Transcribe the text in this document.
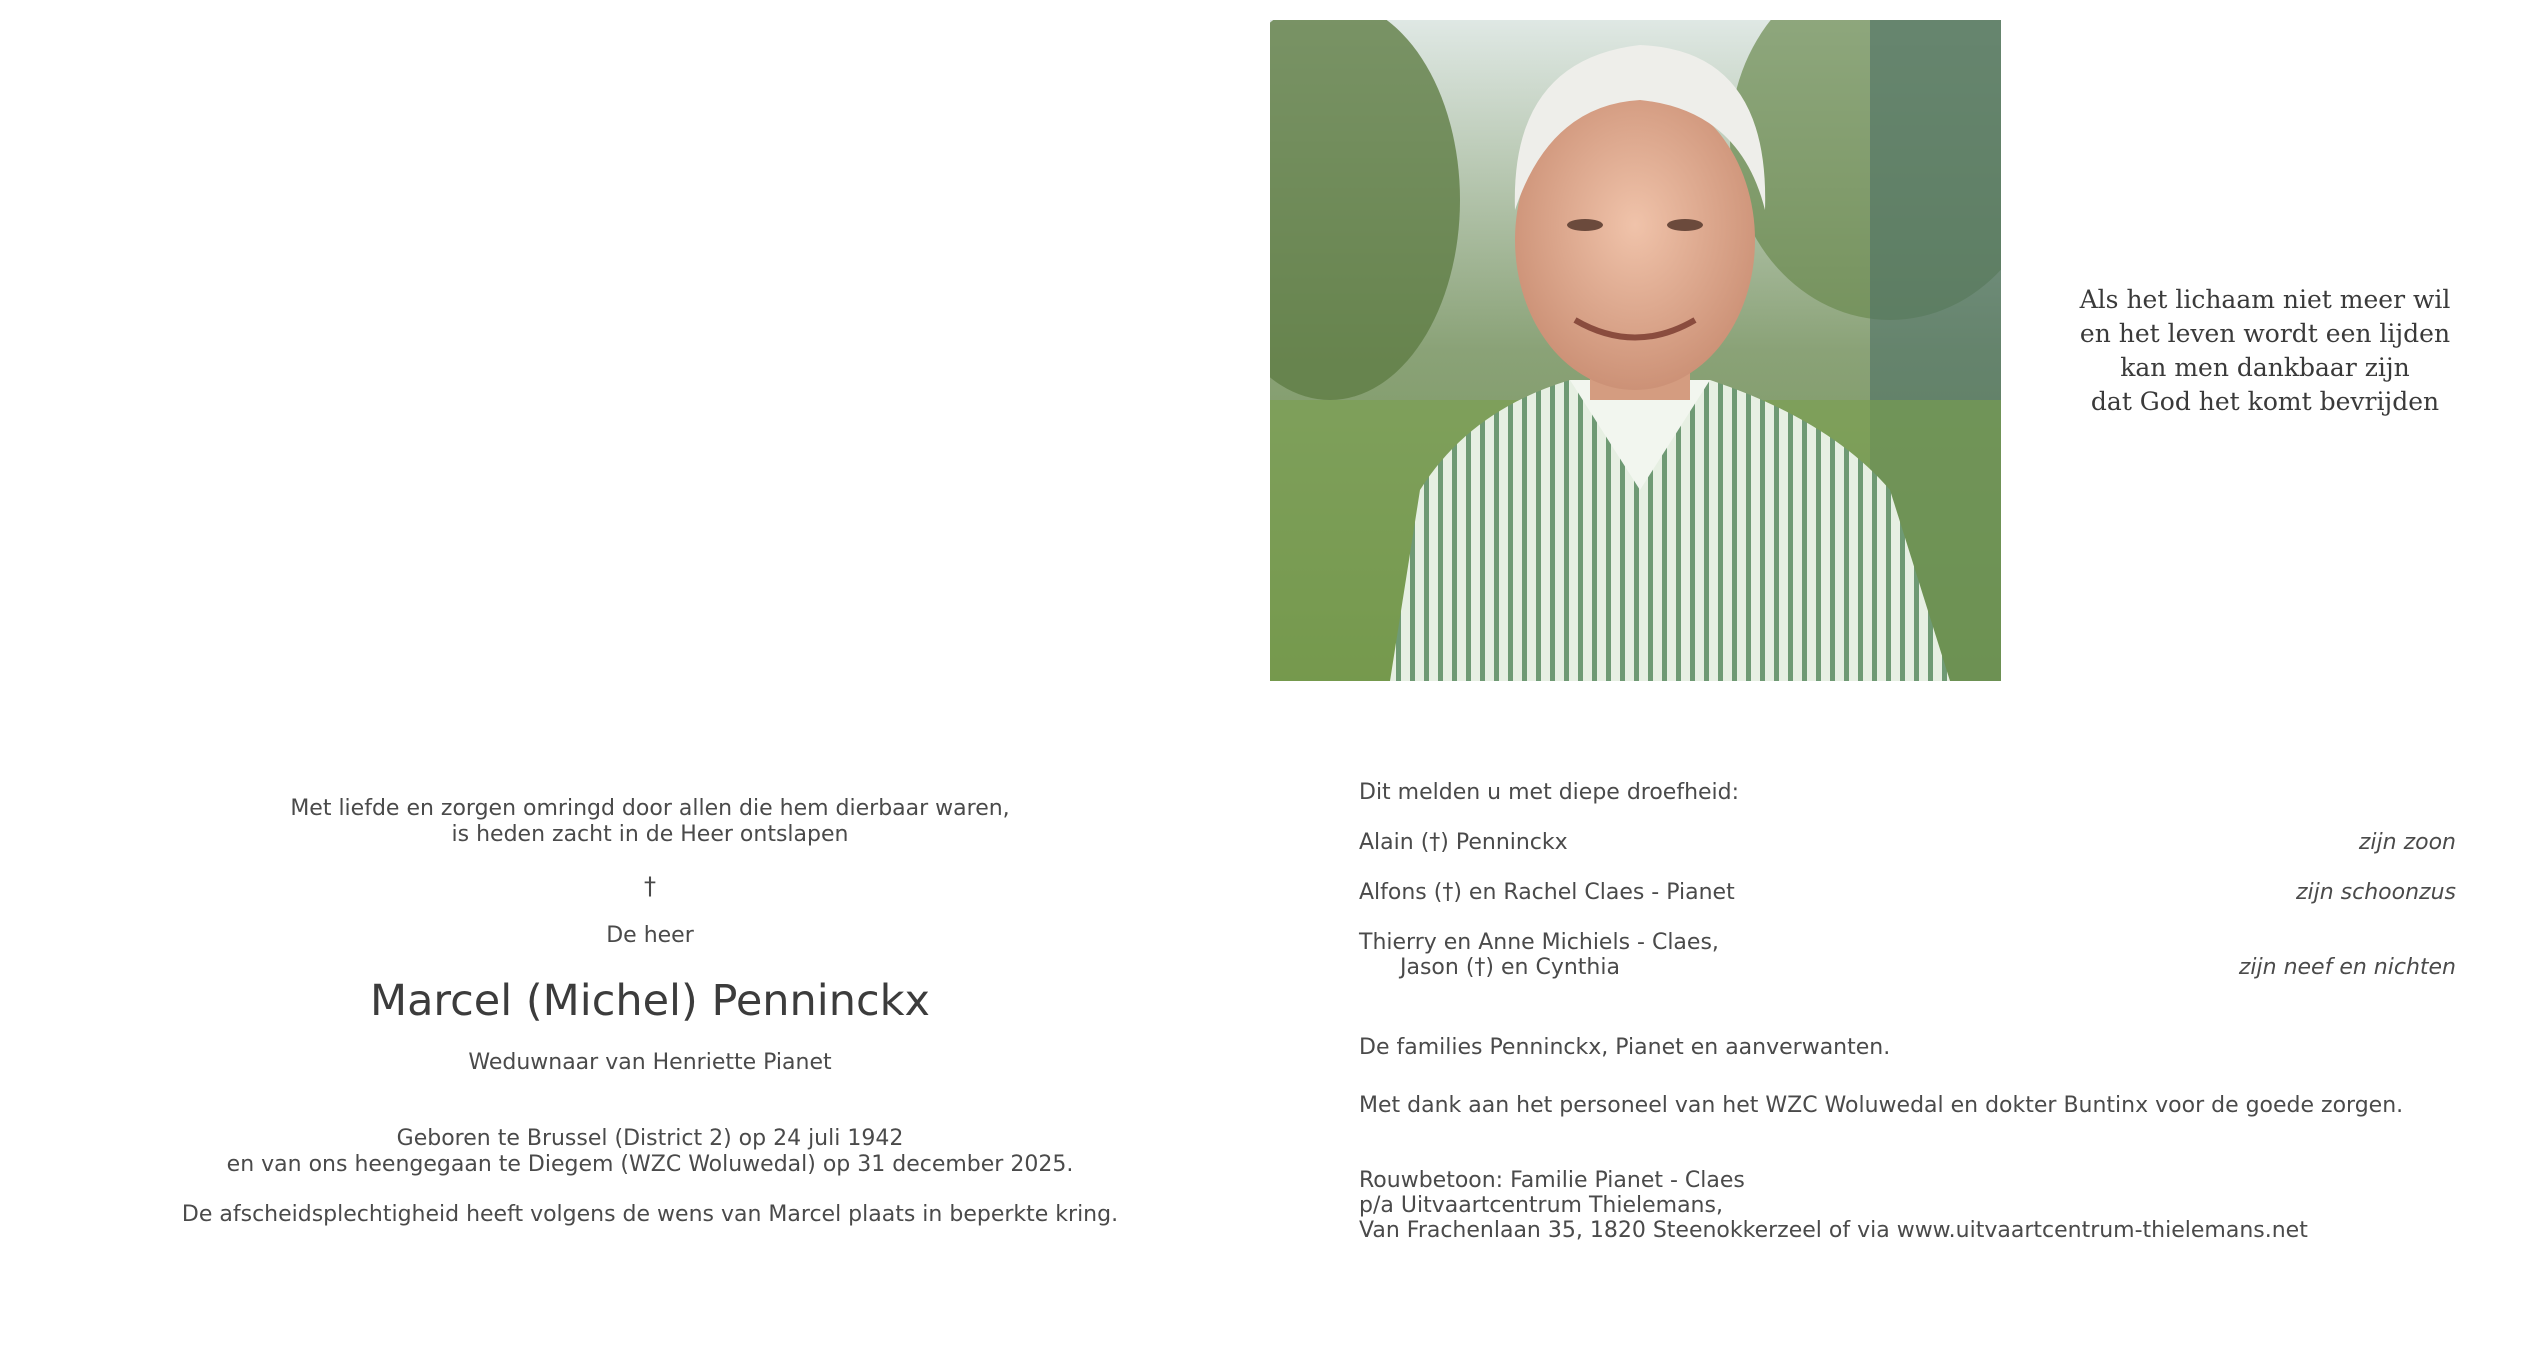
Met liefde en zorgen omringd door allen die hem dierbaar waren,
is heden zacht in de Heer ontslapen
†
De heer
Marcel (Michel) Penninckx
Weduwnaar van Henriette Pianet
Geboren te Brussel (District 2) op 24 juli 1942
en van ons heengegaan te Diegem (WZC Woluwedal) op 31 december 2025.
De afscheidsplechtigheid heeft volgens de wens van Marcel plaats in beperkte kring.
Als het lichaam niet meer wil
en het leven wordt een lijden
kan men dankbaar zijn
dat God het komt bevrijden
Dit melden u met diepe droefheid:
Alain (†) Penninckx	zijn zoon
Alfons (†) en Rachel Claes - Pianet	zijn schoonzus
Thierry en Anne Michiels - Claes,
Jason (†) en Cynthia	zijn neef en nichten
De families Penninckx, Pianet en aanverwanten.
Met dank aan het personeel van het WZC Woluwedal en dokter Buntinx voor de goede zorgen.
Rouwbetoon: Familie Pianet - Claes
p/a Uitvaartcentrum Thielemans,
Van Frachenlaan 35, 1820 Steenokkerzeel of via www.uitvaartcentrum-thielemans.net
